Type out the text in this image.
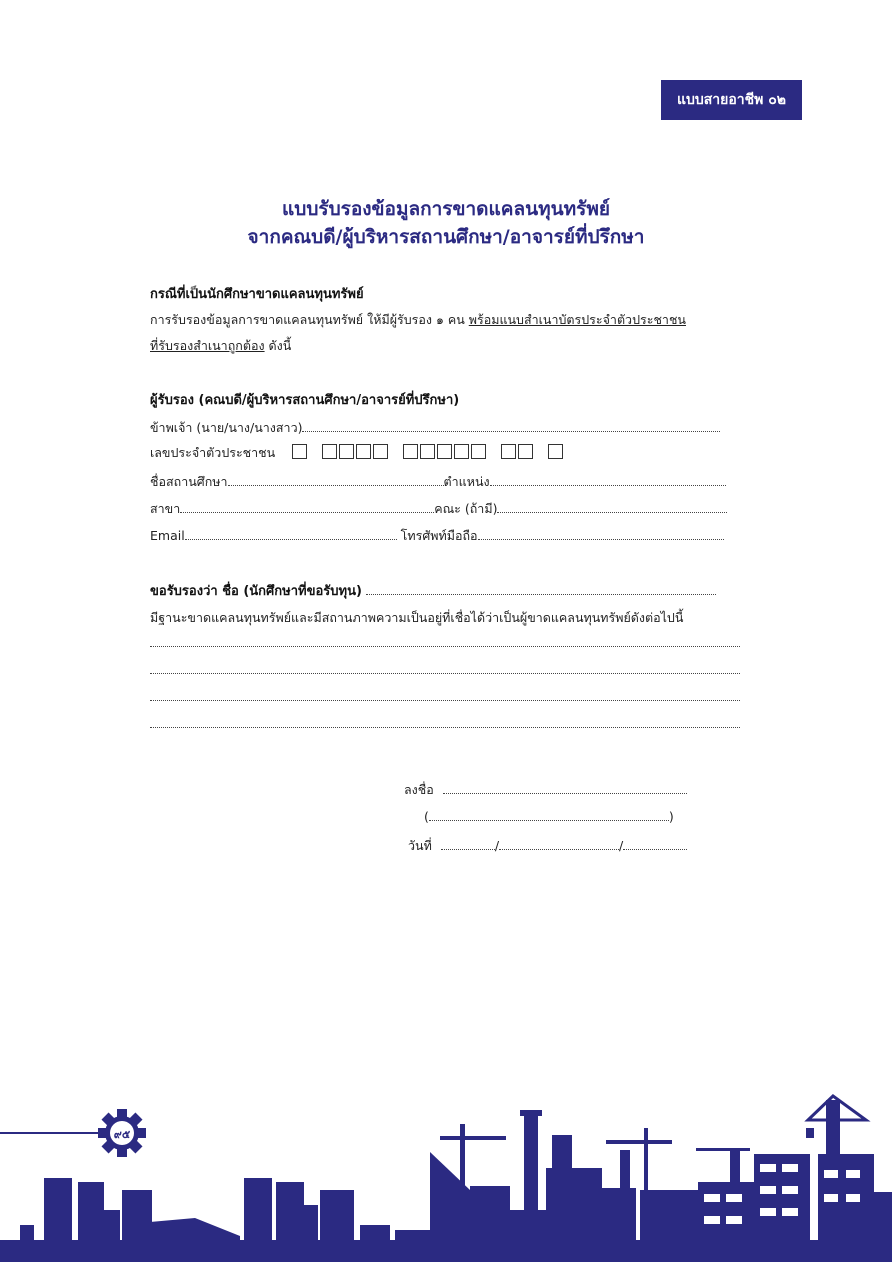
แบบสายอาชีพ ๐๒
แบบรับรองข้อมูลการขาดแคลนทุนทรัพย์
จากคณบดี/ผู้บริหารสถานศึกษา/อาจารย์ที่ปรึกษา
กรณีที่เป็นนักศึกษาขาดแคลนทุนทรัพย์
การรับรองข้อมูลการขาดแคลนทุนทรัพย์ ให้มีผู้รับรอง ๑ คน พร้อมแนบสำเนาบัตรประจำตัวประชาชน
ที่รับรองสำเนาถูกต้อง ดังนี้
ผู้รับรอง (คณบดี/ผู้บริหารสถานศึกษา/อาจารย์ที่ปรึกษา)
ข้าพเจ้า (นาย/นาง/นางสาว)
เลขประจำตัวประชาชน
ชื่อสถานศึกษา	ตำแหน่ง
สาขา	คณะ (ถ้ามี)
Email	โทรศัพท์มือถือ
ขอรับรองว่า ชื่อ (นักศึกษาที่ขอรับทุน)
มีฐานะขาดแคลนทุนทรัพย์และมีสถานภาพความเป็นอยู่ที่เชื่อได้ว่าเป็นผู้ขาดแคลนทุนทรัพย์ดังต่อไปนี้
ลงชื่อ
(	)
วันที่	/	/
๙๕
